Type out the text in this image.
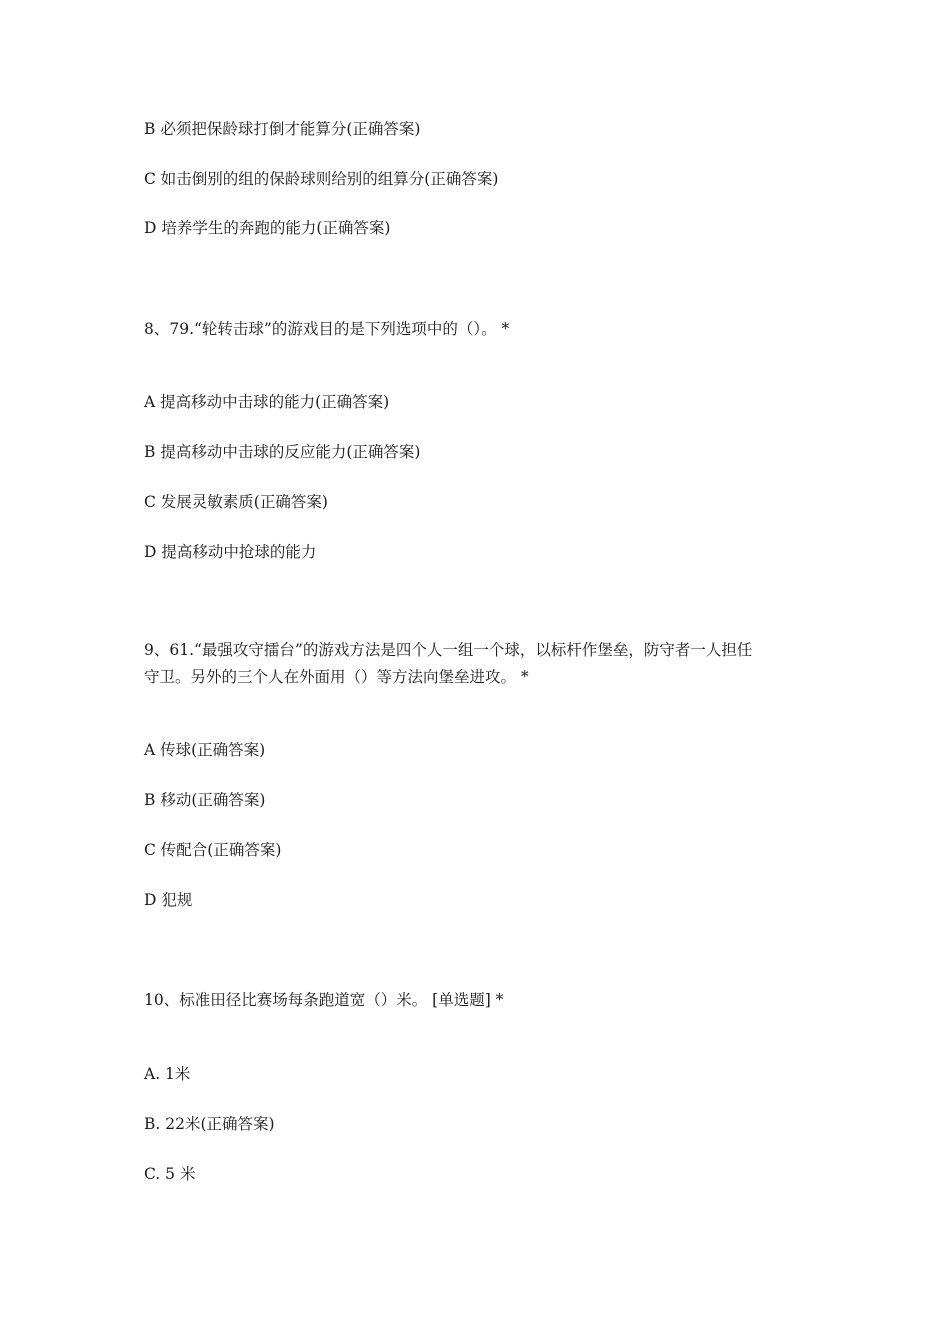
B 必须把保龄球打倒才能算分(正确答案)
C 如击倒别的组的保龄球则给别的组算分(正确答案)
D 培养学生的奔跑的能力(正确答案)
8、79.“轮转击球”的游戏目的是下列选项中的（）。 *
A 提高移动中击球的能力(正确答案)
B 提高移动中击球的反应能力(正确答案)
C 发展灵敏素质(正确答案)
D 提高移动中抢球的能力
9、61.“最强攻守擂台”的游戏方法是四个人一组一个球，以标杆作堡垒，防守者一人担任
守卫。另外的三个人在外面用（）等方法向堡垒进攻。 *
A 传球(正确答案)
B 移动(正确答案)
C 传配合(正确答案)
D 犯规
10、标准田径比赛场每条跑道宽（）米。 [单选题] *
A. 1米
B. 22米(正确答案)
C. 5 米
